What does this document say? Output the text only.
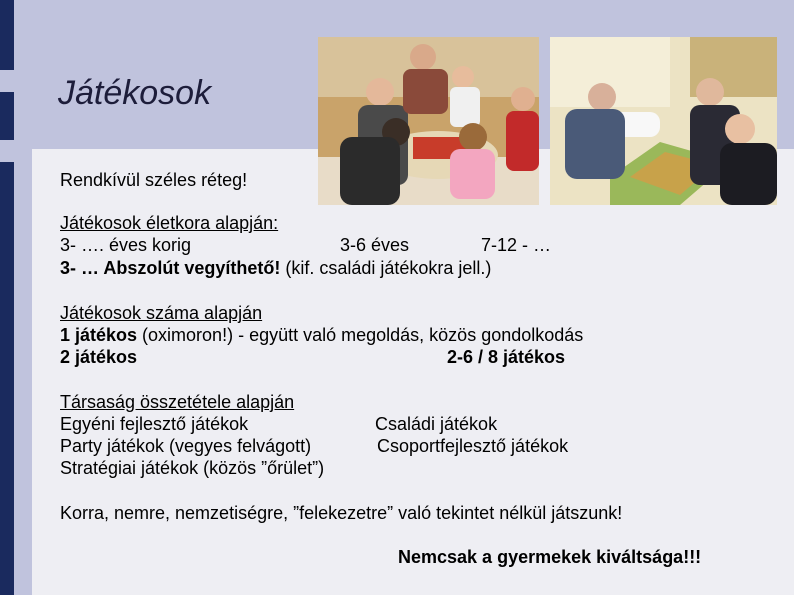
Játékosok
Rendkívül széles réteg!
Játékosok életkora alapján:
3- …. éves korig	3-6 éves	7-12 - …
3- … Abszolút vegyíthető! (kif. családi játékokra jell.)
Játékosok száma alapján
1 játékos (oximoron!) - együtt való megoldás, közös gondolkodás
2 játékos	2-6 / 8 játékos
Társaság összetétele alapján
Egyéni fejlesztő játékok	Családi játékok
Party játékok (vegyes felvágott)	Csoportfejlesztő játékok
Stratégiai játékok (közös ”őrület”)
Korra, nemre, nemzetiségre, ”felekezetre” való tekintet nélkül játszunk!
Nemcsak a gyermekek kiváltsága!!!
